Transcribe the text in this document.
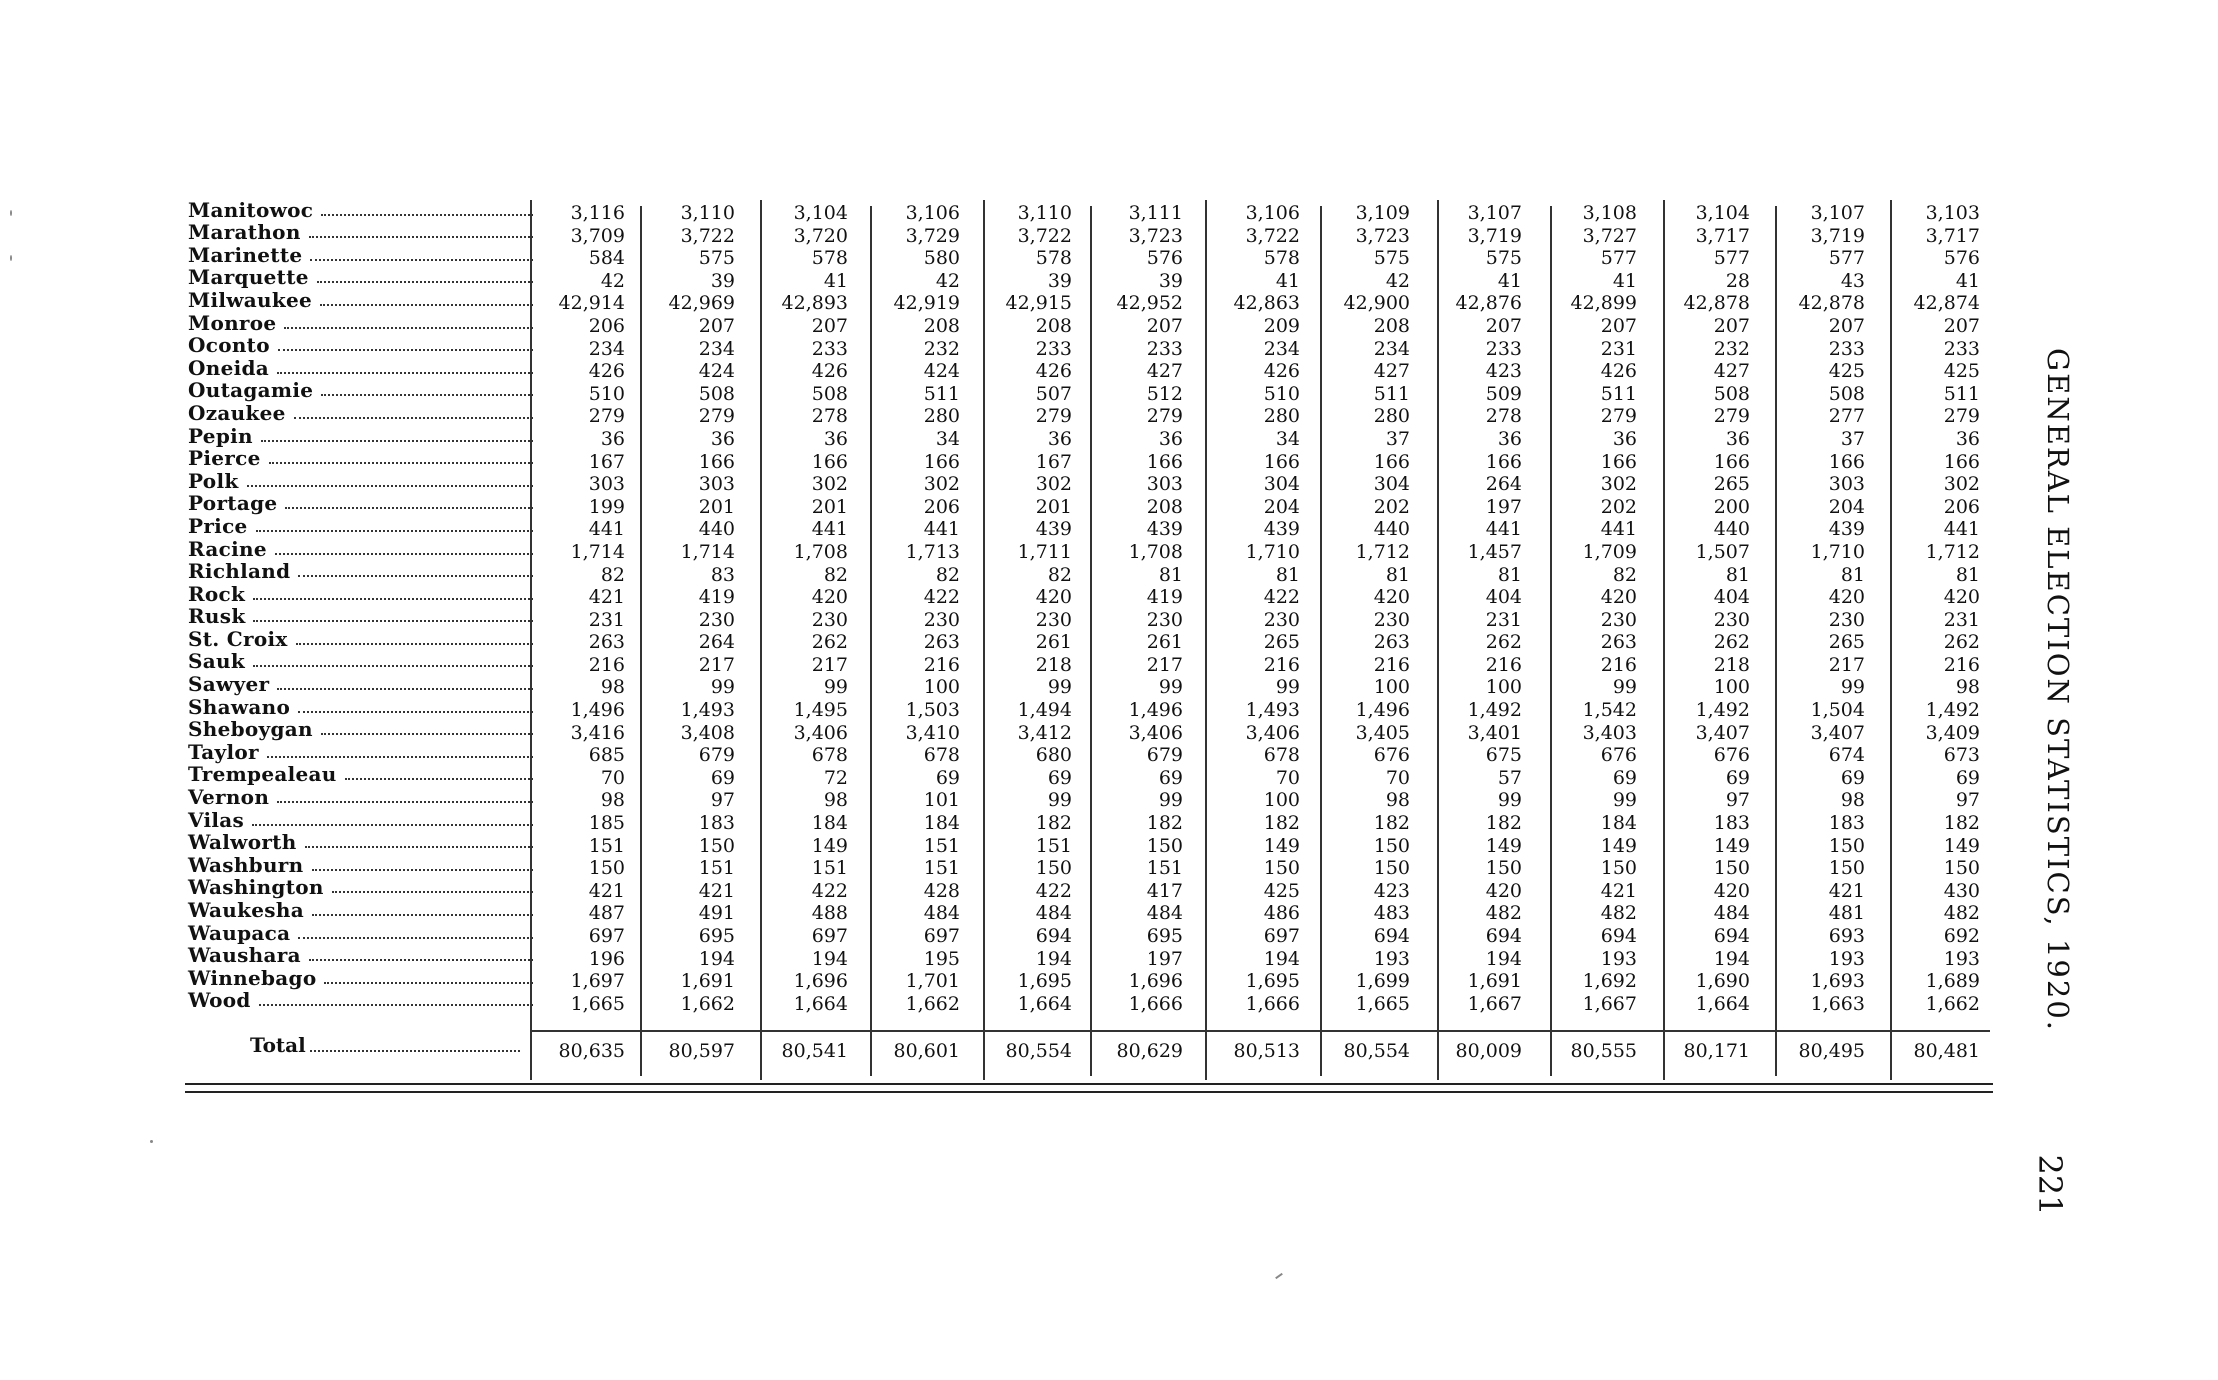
Manitowoc
Marathon
Marinette
Marquette
Milwaukee
Monroe
Oconto
Oneida
Outagamie
Ozaukee
Pepin
Pierce
Polk
Portage
Price
Racine
Richland
Rock
Rusk
St. Croix
Sauk
Sawyer
Shawano
Sheboygan
Taylor
Trempealeau
Vernon
Vilas
Walworth
Washburn
Washington
Waukesha
Waupaca
Waushara
Winnebago
Wood
3,116
3,709
584
42
42,914
206
234
426
510
279
36
167
303
199
441
1,714
82
421
231
263
216
98
1,496
3,416
685
70
98
185
151
150
421
487
697
196
1,697
1,665
80,635
3,110
3,722
575
39
42,969
207
234
424
508
279
36
166
303
201
440
1,714
83
419
230
264
217
99
1,493
3,408
679
69
97
183
150
151
421
491
695
194
1,691
1,662
80,597
3,104
3,720
578
41
42,893
207
233
426
508
278
36
166
302
201
441
1,708
82
420
230
262
217
99
1,495
3,406
678
72
98
184
149
151
422
488
697
194
1,696
1,664
80,541
3,106
3,729
580
42
42,919
208
232
424
511
280
34
166
302
206
441
1,713
82
422
230
263
216
100
1,503
3,410
678
69
101
184
151
151
428
484
697
195
1,701
1,662
80,601
3,110
3,722
578
39
42,915
208
233
426
507
279
36
167
302
201
439
1,711
82
420
230
261
218
99
1,494
3,412
680
69
99
182
151
150
422
484
694
194
1,695
1,664
80,554
3,111
3,723
576
39
42,952
207
233
427
512
279
36
166
303
208
439
1,708
81
419
230
261
217
99
1,496
3,406
679
69
99
182
150
151
417
484
695
197
1,696
1,666
80,629
3,106
3,722
578
41
42,863
209
234
426
510
280
34
166
304
204
439
1,710
81
422
230
265
216
99
1,493
3,406
678
70
100
182
149
150
425
486
697
194
1,695
1,666
80,513
3,109
3,723
575
42
42,900
208
234
427
511
280
37
166
304
202
440
1,712
81
420
230
263
216
100
1,496
3,405
676
70
98
182
150
150
423
483
694
193
1,699
1,665
80,554
3,107
3,719
575
41
42,876
207
233
423
509
278
36
166
264
197
441
1,457
81
404
231
262
216
100
1,492
3,401
675
57
99
182
149
150
420
482
694
194
1,691
1,667
80,009
3,108
3,727
577
41
42,899
207
231
426
511
279
36
166
302
202
441
1,709
82
420
230
263
216
99
1,542
3,403
676
69
99
184
149
150
421
482
694
193
1,692
1,667
80,555
3,104
3,717
577
28
42,878
207
232
427
508
279
36
166
265
200
440
1,507
81
404
230
262
218
100
1,492
3,407
676
69
97
183
149
150
420
484
694
194
1,690
1,664
80,171
3,107
3,719
577
43
42,878
207
233
425
508
277
37
166
303
204
439
1,710
81
420
230
265
217
99
1,504
3,407
674
69
98
183
150
150
421
481
693
193
1,693
1,663
80,495
3,103
3,717
576
41
42,874
207
233
425
511
279
36
166
302
206
441
1,712
81
420
231
262
216
98
1,492
3,409
673
69
97
182
149
150
430
482
692
193
1,689
1,662
80,481
Total
GENERAL ELECTION STATISTICS, 1920.
221
